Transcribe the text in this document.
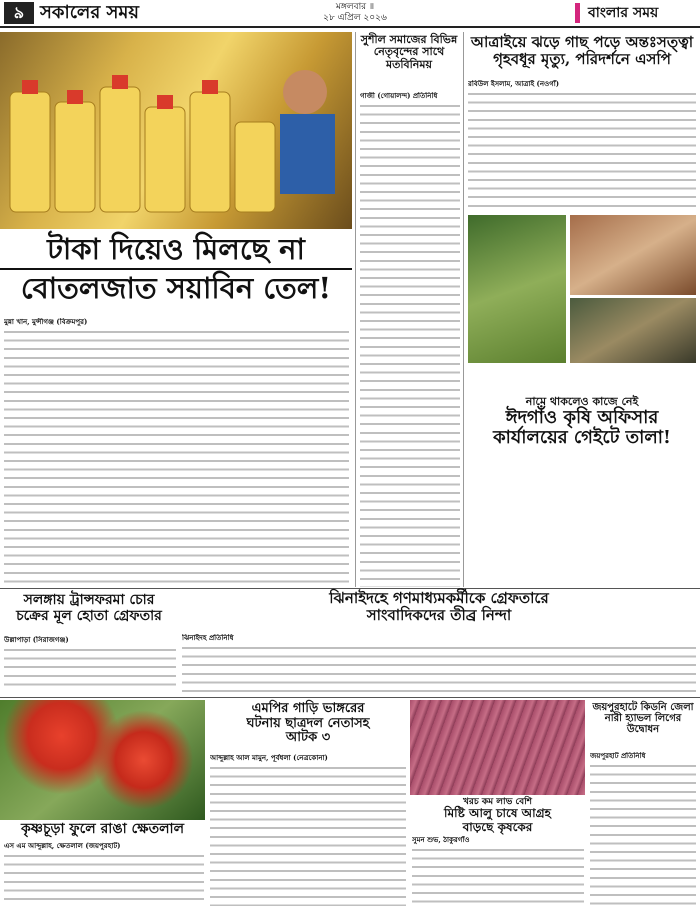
৯ সকালের সময়	মঙ্গলবার ॥
২৮ এপ্রিল ২০২৬	বাংলার সময়
টাকা দিয়েও মিলছে না
বোতলজাত সয়াবিন তেল!
মুন্না খান, মুন্সীগঞ্জ (বিক্রমপুর)
সুশীল সমাজের বিভিন্ন নেতৃবৃন্দের সাথে মতবিনিময়
গাজী (গোয়ালন্দ) প্রতিনিধি
আত্রাইয়ে ঝড়ে গাছ পড়ে অন্তঃসত্ত্বা
গৃহবধূর মৃত্যু, পরিদর্শনে এসপি
রবিউল ইসলাম, আত্রাই (নওগাঁ)
নামে থাকলেও কাজে নেই
ঈদগাঁও কৃষি অফিসার
কার্যালয়ের গেইটে তালা!
সলঙ্গায় ট্রান্সফরমা চোর
চক্রের মূল হোতা গ্রেফতার
উল্লাপাড়া (সিরাজগঞ্জ)
ঝিনাইদহে গণমাধ্যমকর্মীকে গ্রেফতারে
সাংবাদিকদের তীব্র নিন্দা
ঝিনাইদহ প্রতিনিধি
কৃষ্ণচূড়া ফুলে রাঙা ক্ষেতলাল
এস এম আব্দুল্লাহ, ক্ষেতলাল (জয়পুরহাট)
এমপির গাড়ি ভাঙ্গরের
ঘটনায় ছাত্রদল নেতাসহ
আটক ৩
আব্দুল্লাহ আল মামুন, পূর্বধলা (নেত্রকোনা)
খরচ কম লাভ বেশি
মিষ্টি আলু চাষে আগ্রহ
বাড়ছে কৃষকের
সুমন শুভ, ঠাকুরগাঁও
জয়পুরহাটে কিডনি জেলা নারী হ্যাভল লিগের উদ্বোধন
জয়পুরহাট প্রতিনিধি
